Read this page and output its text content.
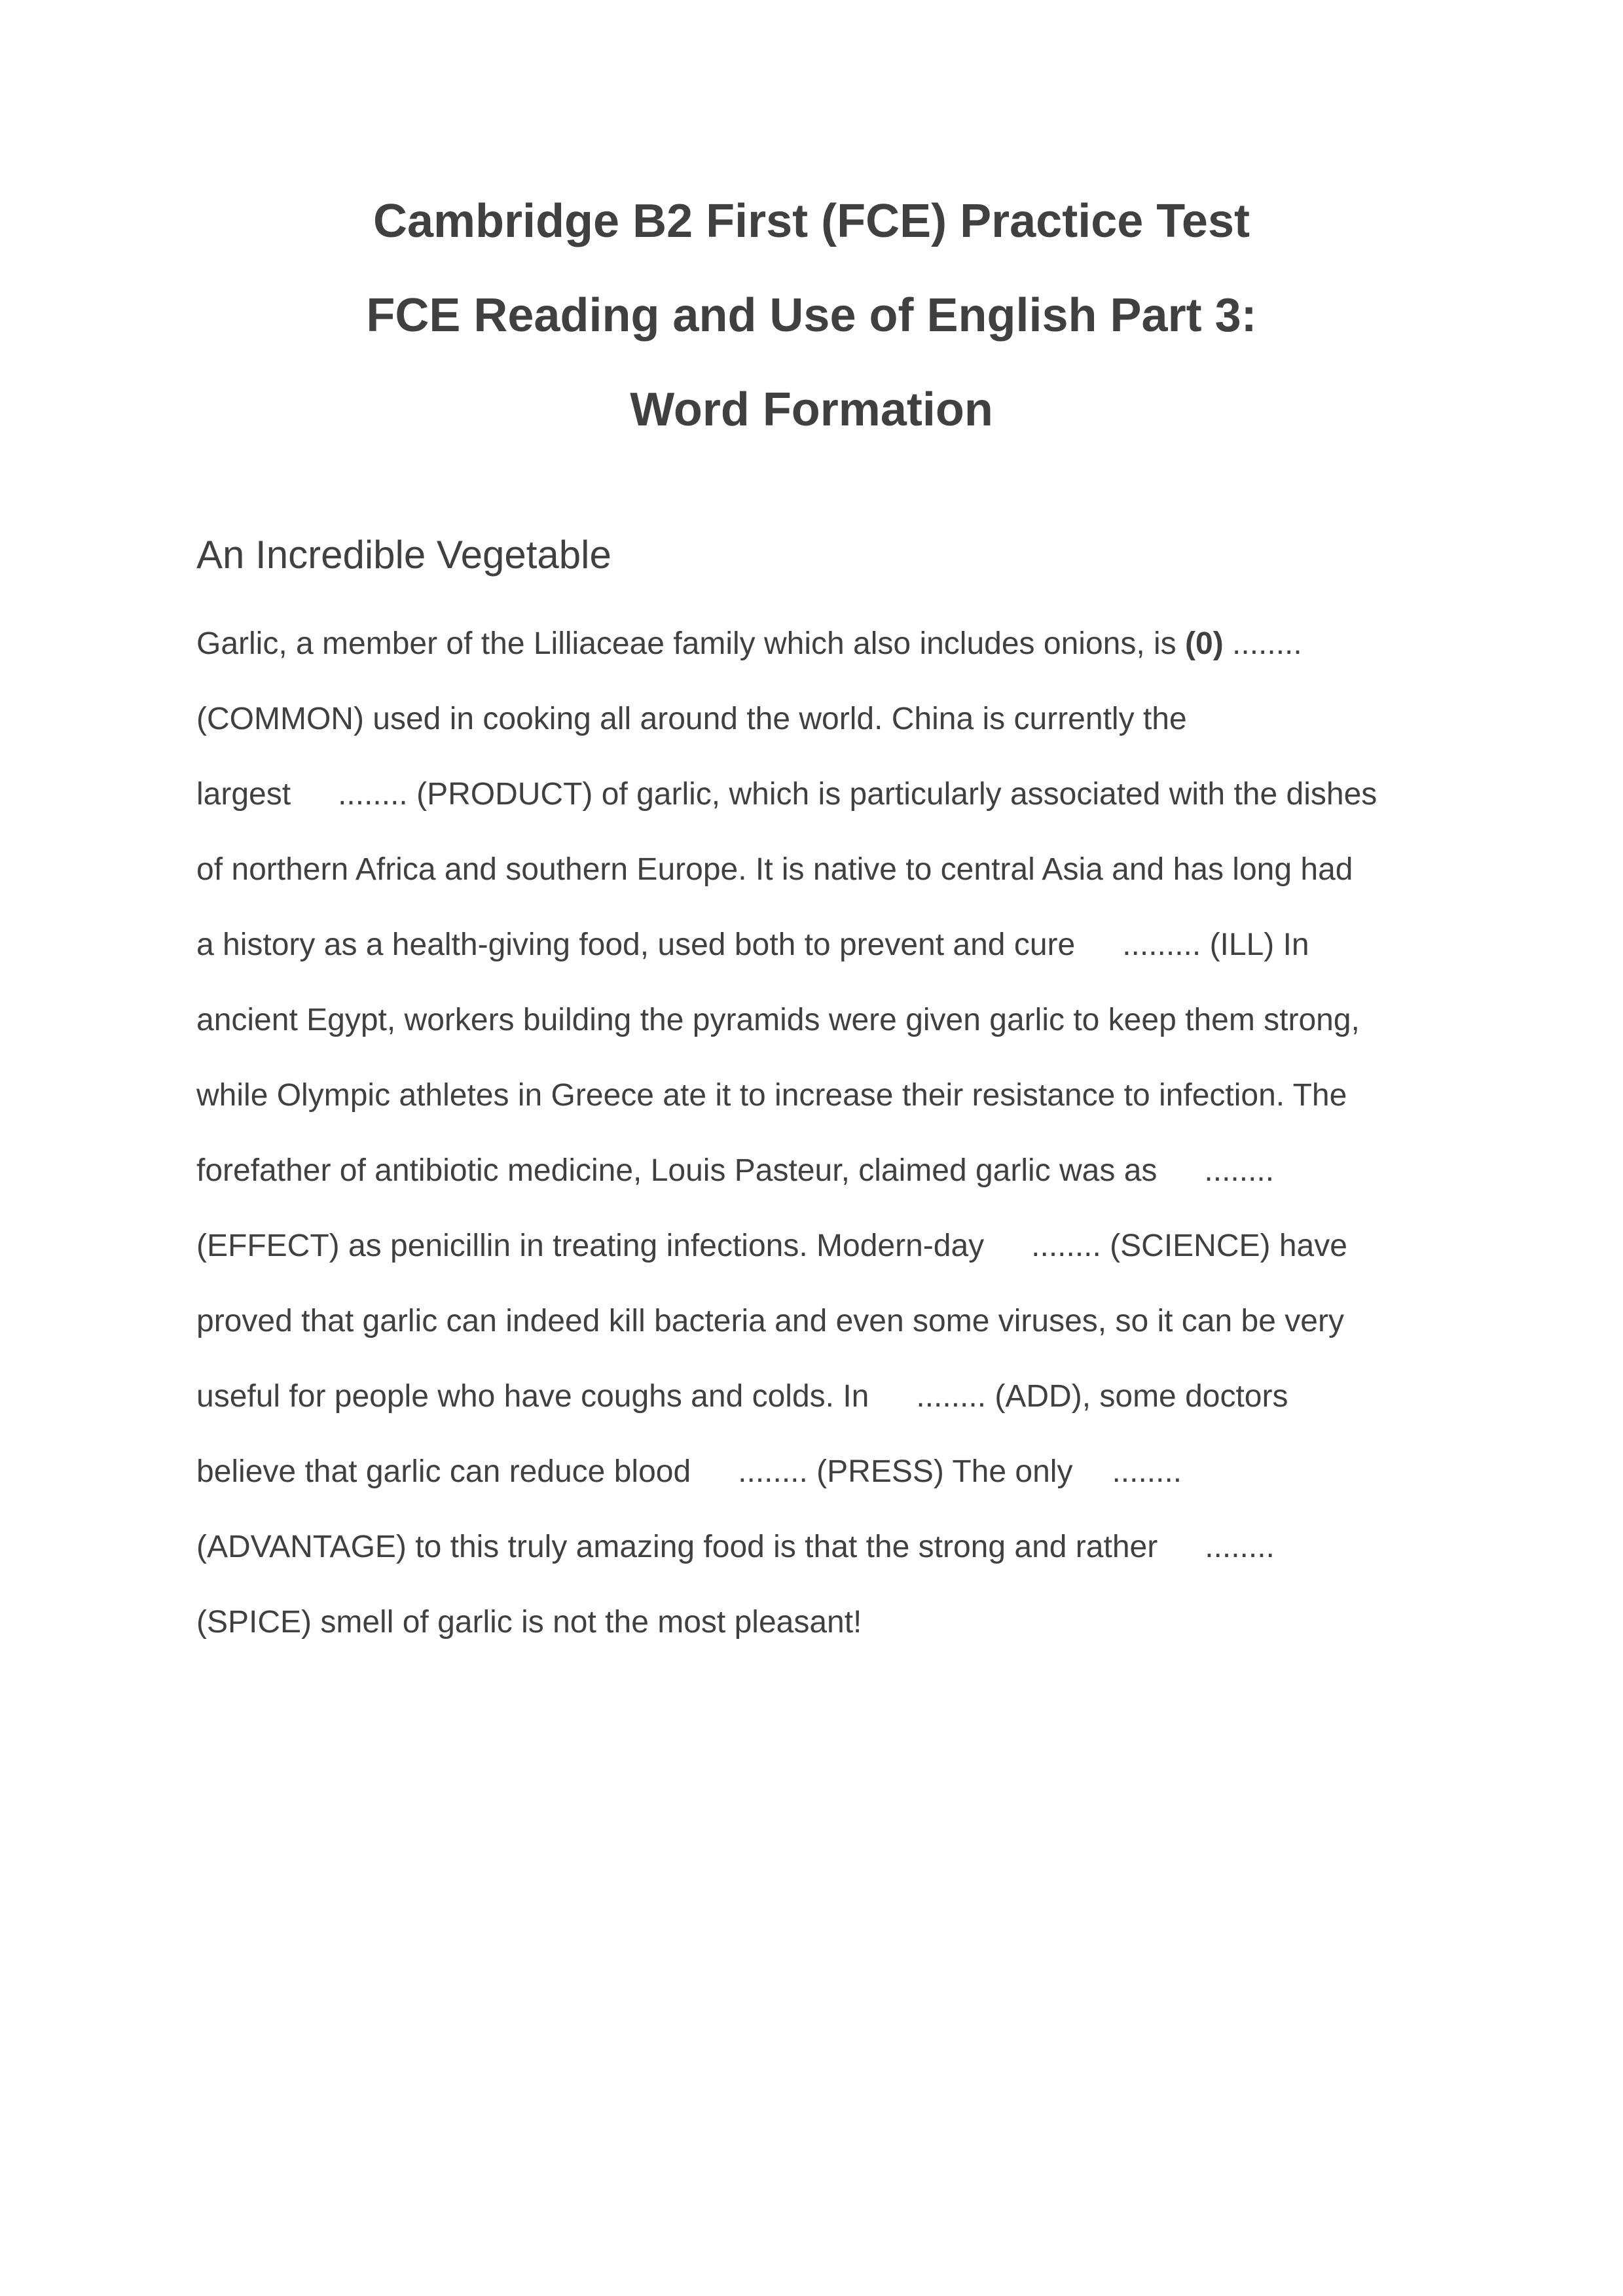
Cambridge B2 First (FCE) Practice Test
FCE Reading and Use of English Part 3:
Word Formation
An Incredible Vegetable
Garlic, a member of the Lilliaceae family which also includes onions, is (0) ........
(COMMON) used in cooking all around the world. China is currently the
largest ........ (PRODUCT) of garlic, which is particularly associated with the dishes
of northern Africa and southern Europe. It is native to central Asia and has long had
a history as a health-giving food, used both to prevent and cure ......... (ILL) In
ancient Egypt, workers building the pyramids were given garlic to keep them strong,
while Olympic athletes in Greece ate it to increase their resistance to infection. The
forefather of antibiotic medicine, Louis Pasteur, claimed garlic was as ........
(EFFECT) as penicillin in treating infections. Modern-day ........ (SCIENCE) have
proved that garlic can indeed kill bacteria and even some viruses, so it can be very
useful for people who have coughs and colds. In ........ (ADD), some doctors
believe that garlic can reduce blood ........ (PRESS) The only ........
(ADVANTAGE) to this truly amazing food is that the strong and rather ........
(SPICE) smell of garlic is not the most pleasant!
